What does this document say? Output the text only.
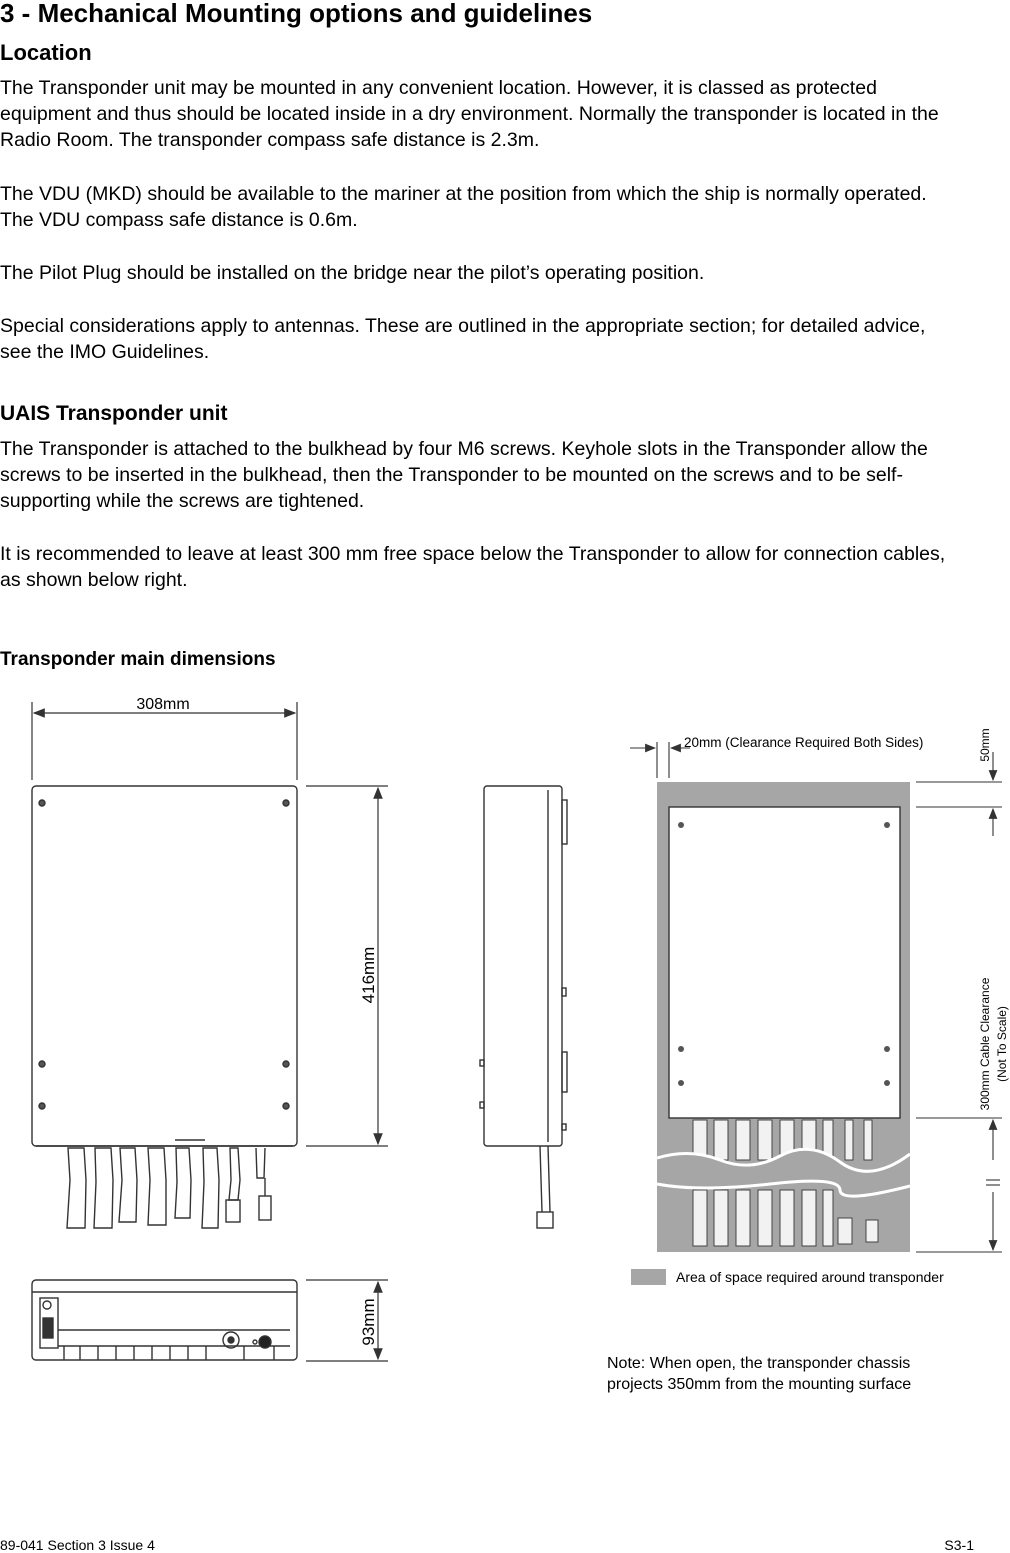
3 - Mechanical Mounting options and guidelines
Location

The Transponder unit may be mounted in any convenient location. However, it is classed as protected equipment and thus should be located inside in a dry environment. Normally the transponder is located in the Radio Room. The transponder compass safe distance is 2.3m.

The VDU (MKD) should be available to the mariner at the position from which the ship is normally operated. The VDU compass safe distance is 0.6m.

The Pilot Plug should be installed on the bridge near the pilot’s operating position.

Special considerations apply to antennas. These are outlined in the appropriate section; for detailed advice, see the IMO Guidelines.

UAIS Transponder unit

The Transponder is attached to the bulkhead by four M6 screws. Keyhole slots in the Transponder allow the screws to be inserted in the bulkhead, then the Transponder to be mounted on the screws and to be self-supporting while the screws are tightened.

It is recommended to leave at least 300 mm free space below the Transponder to allow for connection cables, as shown below right.

Transponder main dimensions
308mm
416mm
93mm
20mm (Clearance Required Both Sides)	50mm
300mm Cable Clearance (Not To Scale)
Area of space required around transponder
Note: When open, the transponder chassis projects 350mm from the mounting surface
89-041 Section 3 Issue 4	S3-1
